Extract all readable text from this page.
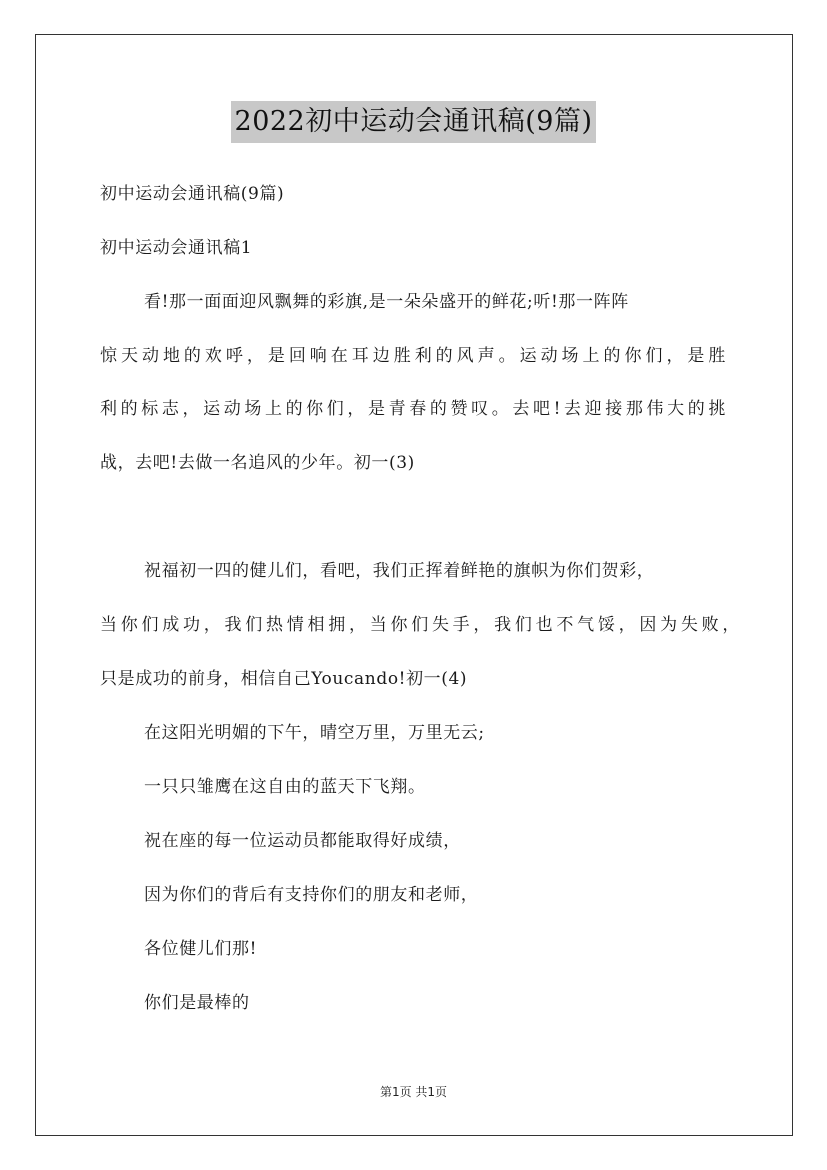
2022初中运动会通讯稿(9篇)
初中运动会通讯稿(9篇)
初中运动会通讯稿1
看!那一面面迎风飘舞的彩旗,是一朵朵盛开的鲜花;听!那一阵阵
惊天动地的欢呼，是回响在耳边胜利的风声。运动场上的你们，是胜
利的标志，运动场上的你们，是青春的赞叹。去吧!去迎接那伟大的挑
战，去吧!去做一名追风的少年。初一(3)
祝福初一四的健儿们，看吧，我们正挥着鲜艳的旗帜为你们贺彩，
当你们成功，我们热情相拥，当你们失手，我们也不气馁，因为失败，
只是成功的前身，相信自己Youcando!初一(4)
在这阳光明媚的下午，晴空万里，万里无云;
一只只雏鹰在这自由的蓝天下飞翔。
祝在座的每一位运动员都能取得好成绩，
因为你们的背后有支持你们的朋友和老师，
各位健儿们那!
你们是最棒的
第1页 共1页
